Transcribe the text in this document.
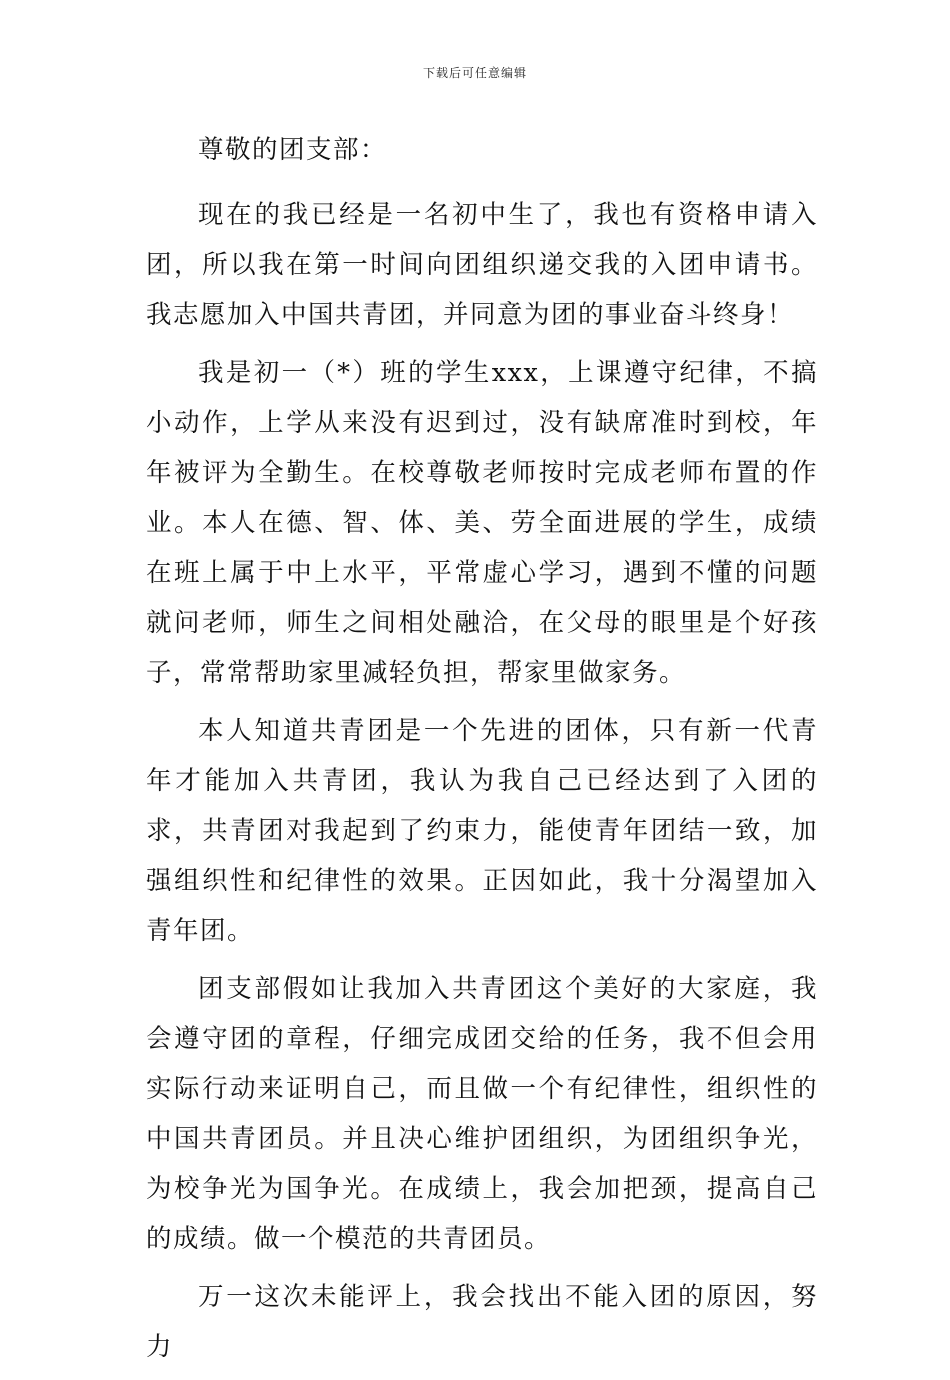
下载后可任意编辑

尊敬的团支部：

现在的我已经是一名初中生了，我也有资格申请入团，所以我在第一时间向团组织递交我的入团申请书。我志愿加入中国共青团，并同意为团的事业奋斗终身！

我是初一（*）班的学生xxx，上课遵守纪律，不搞小动作，上学从来没有迟到过，没有缺席准时到校，年年被评为全勤生。在校尊敬老师按时完成老师布置的作业。本人在德、智、体、美、劳全面进展的学生，成绩在班上属于中上水平，平常虚心学习，遇到不懂的问题就问老师，师生之间相处融洽，在父母的眼里是个好孩子，常常帮助家里减轻负担，帮家里做家务。

本人知道共青团是一个先进的团体，只有新一代青年才能加入共青团，我认为我自己已经达到了入团的求，共青团对我起到了约束力，能使青年团结一致，加强组织性和纪律性的效果。正因如此，我十分渴望加入青年团。

团支部假如让我加入共青团这个美好的大家庭，我会遵守团的章程，仔细完成团交给的任务，我不但会用实际行动来证明自己，而且做一个有纪律性，组织性的中国共青团员。并且决心维护团组织，为团组织争光，为校争光为国争光。在成绩上，我会加把颈，提高自己的成绩。做一个模范的共青团员。

万一这次未能评上，我会找出不能入团的原因，努力
